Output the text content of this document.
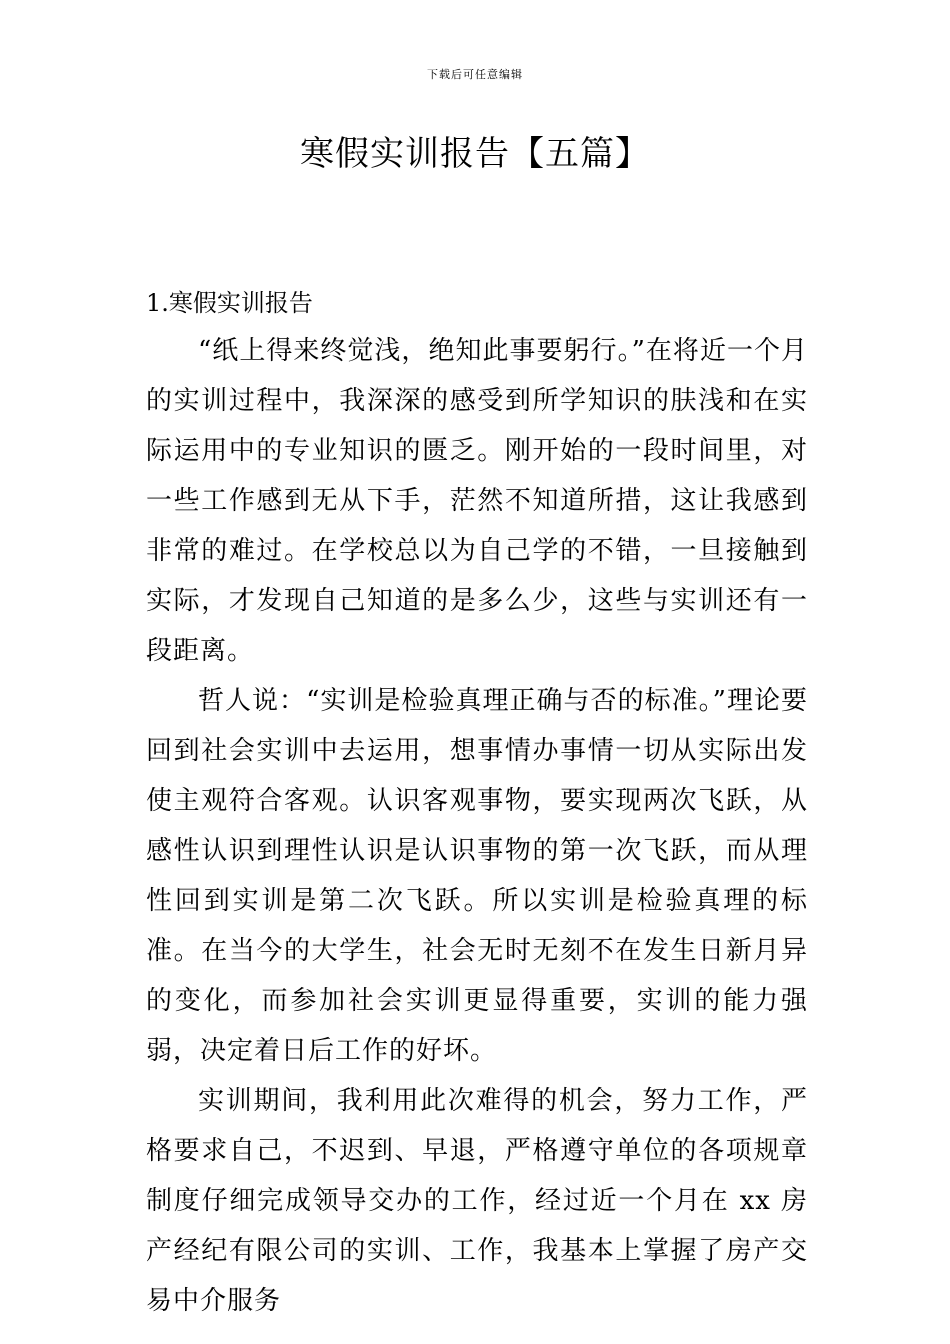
下载后可任意编辑
寒假实训报告【五篇】
1.寒假实训报告

“纸上得来终觉浅，绝知此事要躬行。”在将近一个月的实训过程中，我深深的感受到所学知识的肤浅和在实际运用中的专业知识的匮乏。刚开始的一段时间里，对一些工作感到无从下手，茫然不知道所措，这让我感到非常的难过。在学校总以为自己学的不错，一旦接触到实际，才发现自己知道的是多么少，这些与实训还有一段距离。

哲人说：“实训是检验真理正确与否的标准。”理论要回到社会实训中去运用，想事情办事情一切从实际出发使主观符合客观。认识客观事物，要实现两次飞跃，从感性认识到理性认识是认识事物的第一次飞跃，而从理性回到实训是第二次飞跃。所以实训是检验真理的标准。在当今的大学生，社会无时无刻不在发生日新月异的变化，而参加社会实训更显得重要，实训的能力强弱，决定着日后工作的好坏。

实训期间，我利用此次难得的机会，努力工作，严格要求自己，不迟到、早退，严格遵守单位的各项规章制度仔细完成领导交办的工作，经过近一个月在 xx 房产经纪有限公司的实训、工作，我基本上掌握了房产交易中介服务
